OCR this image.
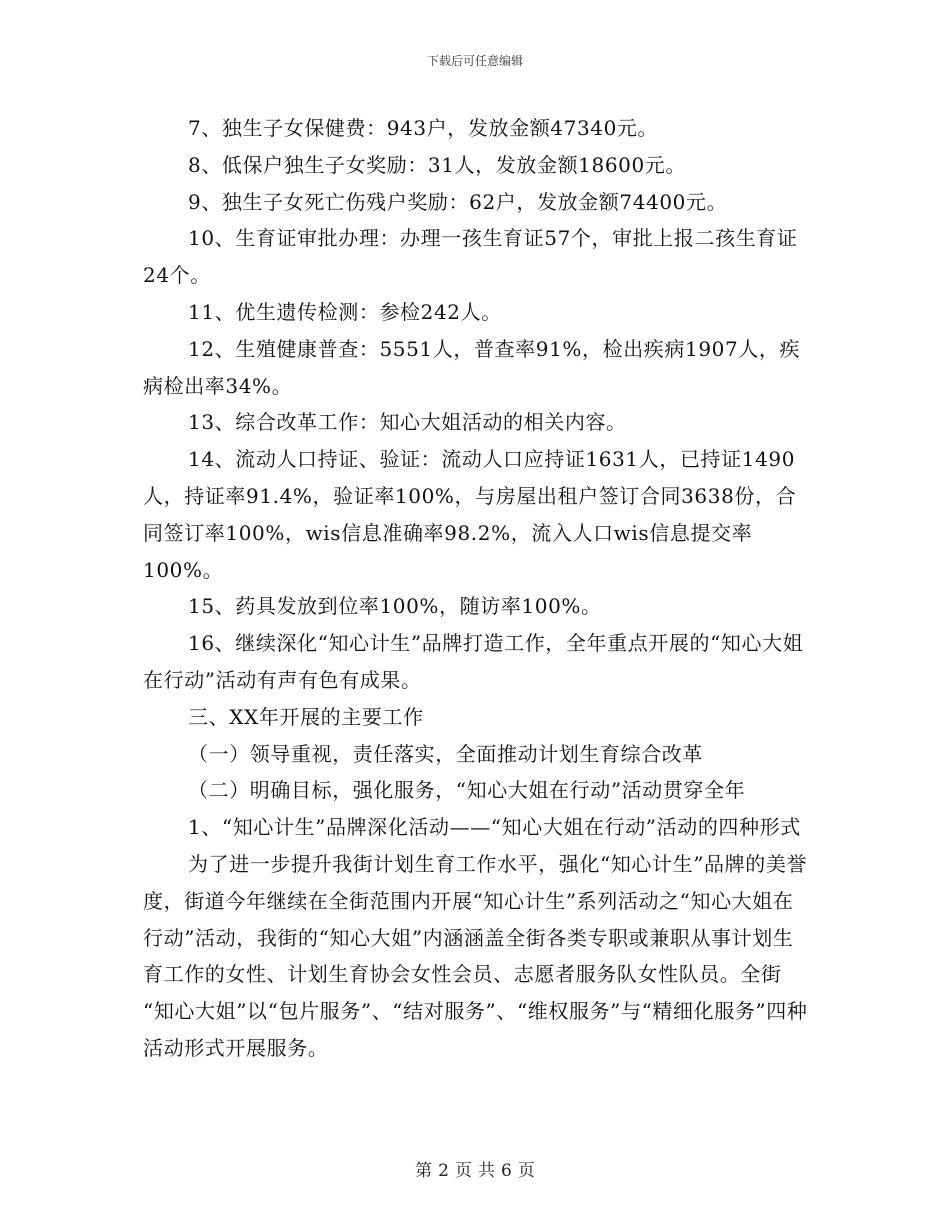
下载后可任意编辑

7、独生子女保健费：943户，发放金额47340元。

8、低保户独生子女奖励：31人，发放金额18600元。

9、独生子女死亡伤残户奖励：62户，发放金额74400元。

10、生育证审批办理：办理一孩生育证57个，审批上报二孩生育证24个。

11、优生遗传检测：参检242人。

12、生殖健康普查：5551人，普查率91%，检出疾病1907人，疾病检出率34%。

13、综合改革工作：知心大姐活动的相关内容。

14、流动人口持证、验证：流动人口应持证1631人，已持证1490人，持证率91.4%，验证率100%，与房屋出租户签订合同3638份，合同签订率100%，wis信息准确率98.2%，流入人口wis信息提交率100%。

15、药具发放到位率100%，随访率100%。

16、继续深化“知心计生”品牌打造工作，全年重点开展的“知心大姐在行动”活动有声有色有成果。

三、XX年开展的主要工作

（一）领导重视，责任落实，全面推动计划生育综合改革

（二）明确目标，强化服务，“知心大姐在行动”活动贯穿全年

1、“知心计生”品牌深化活动——“知心大姐在行动”活动的四种形式

为了进一步提升我街计划生育工作水平，强化“知心计生”品牌的美誉度，街道今年继续在全街范围内开展“知心计生”系列活动之“知心大姐在行动”活动，我街的“知心大姐”内涵涵盖全街各类专职或兼职从事计划生育工作的女性、计划生育协会女性会员、志愿者服务队女性队员。全街 “知心大姐”以“包片服务”、“结对服务”、“维权服务”与“精细化服务”四种活动形式开展服务。

第 2 页 共 6 页
